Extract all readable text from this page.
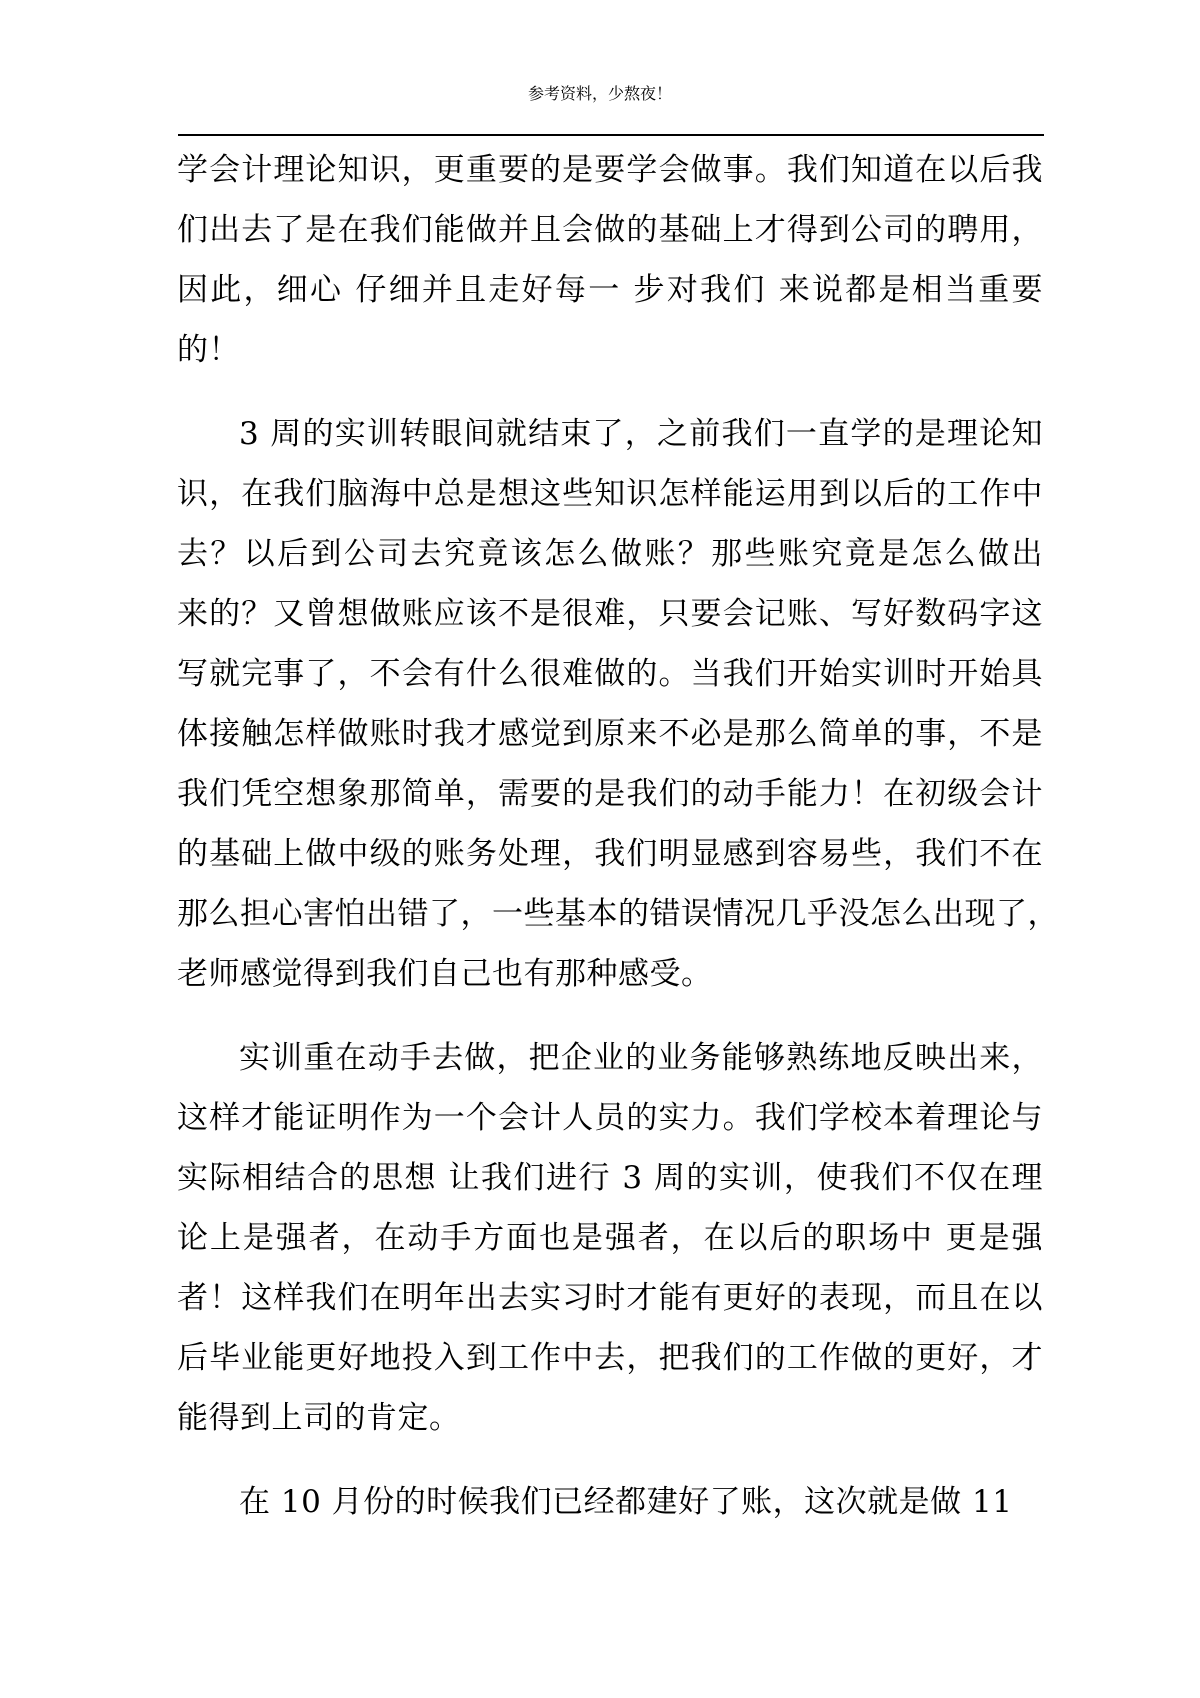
参考资料，少熬夜！
学会计理论知识，更重要的是要学会做事。我们知道在以后我
们出去了是在我们能做并且会做的基础上才得到公司的聘用，
因此，细心 仔细并且走好每一 步对我们 来说都是相当重要
的！
3 周的实训转眼间就结束了，之前我们一直学的是理论知
识，在我们脑海中总是想这些知识怎样能运用到以后的工作中
去？以后到公司去究竟该怎么做账？那些账究竟是怎么做出
来的？又曾想做账应该不是很难，只要会记账、写好数码字这
写就完事了，不会有什么很难做的。当我们开始实训时开始具
体接触怎样做账时我才感觉到原来不必是那么简单的事，不是
我们凭空想象那简单，需要的是我们的动手能力！在初级会计
的基础上做中级的账务处理，我们明显感到容易些，我们不在
那么担心害怕出错了，一些基本的错误情况几乎没怎么出现了，
老师感觉得到我们自己也有那种感受。
实训重在动手去做，把企业的业务能够熟练地反映出来，
这样才能证明作为一个会计人员的实力。我们学校本着理论与
实际相结合的思想 让我们进行 3 周的实训，使我们不仅在理
论上是强者，在动手方面也是强者，在以后的职场中 更是强
者！这样我们在明年出去实习时才能有更好的表现，而且在以
后毕业能更好地投入到工作中去，把我们的工作做的更好，才
能得到上司的肯定。
在 10 月份的时候我们已经都建好了账，这次就是做 11
